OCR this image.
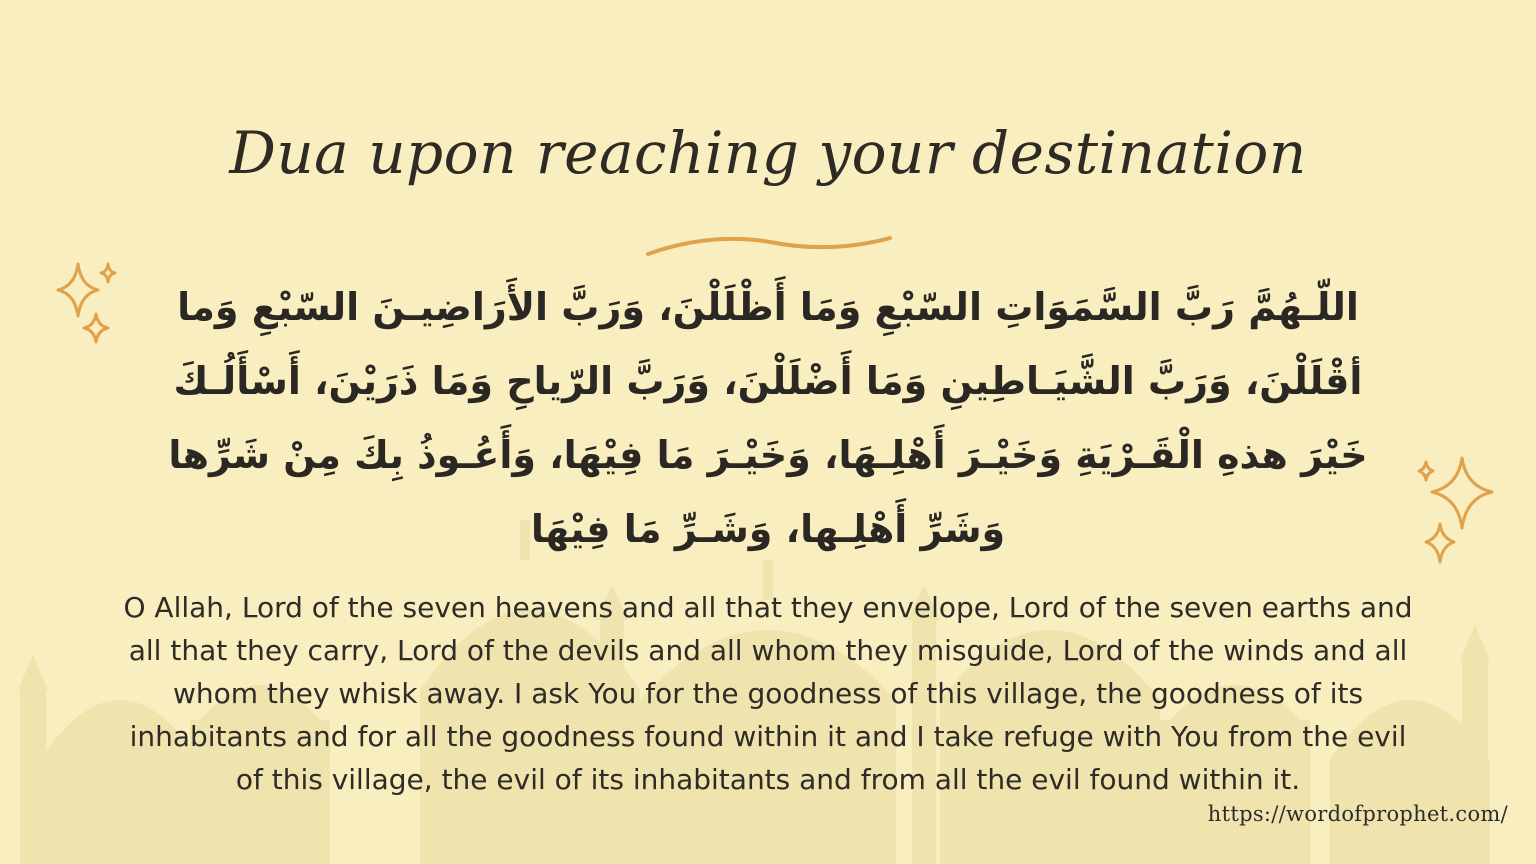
Dua upon reaching your destination
اللّـهُمَّ رَبَّ السَّمَوَاتِ السّبْعِ وَمَا أَظْلَلْنَ، وَرَبَّ الأَرَاضِيـنَ السّبْعِ وَما
أقْلَلْنَ، وَرَبَّ الشَّيَـاطِينِ وَمَا أَضْلَلْنَ، وَرَبَّ الرّياحِ وَمَا ذَرَيْنَ، أَسْأَلُـكَ
خَيْرَ هذهِ الْقَـرْيَةِ وَخَيْـرَ أَهْلِـهَا، وَخَيْـرَ مَا فِيْهَا، وَأَعُـوذُ بِكَ مِنْ شَرِّها
وَشَرِّ أَهْلِـها، وَشَـرِّ مَا فِيْهَا
O Allah, Lord of the seven heavens and all that they envelope, Lord of the seven earths and
all that they carry, Lord of the devils and all whom they misguide, Lord of the winds and all
whom they whisk away. I ask You for the goodness of this village, the goodness of its
inhabitants and for all the goodness found within it and I take refuge with You from the evil
of this village, the evil of its inhabitants and from all the evil found within it.
https://wordofprophet.com/
